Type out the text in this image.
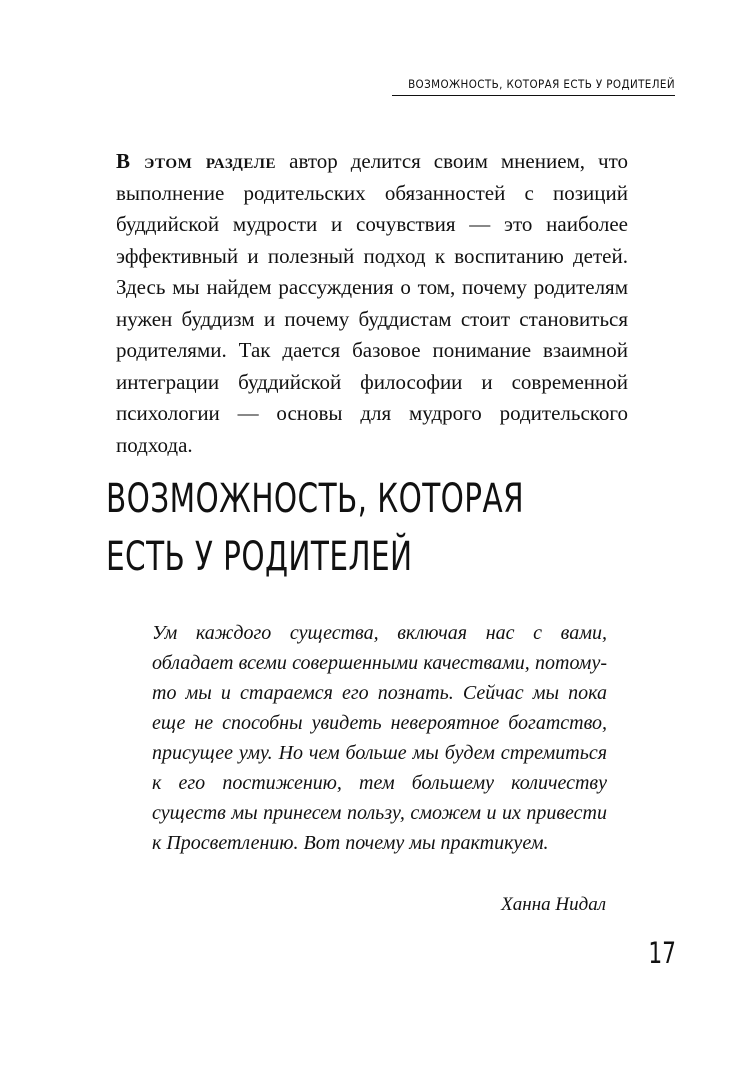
ВОЗМОЖНОСТЬ, КОТОРАЯ ЕСТЬ У РОДИТЕЛЕЙ

В этом разделе автор делится своим мнением, что выполнение родительских обязанностей с позиций буддийской мудрости и сочувствия — это наиболее эффективный и полезный подход к воспитанию детей. Здесь мы найдем рассуждения о том, почему родителям нужен буддизм и почему буддистам стоит становиться родителями. Так дается базовое понимание взаимной интеграции буддийской философии и современной психологии — основы для мудрого родительского подхода.

ВОЗМОЖНОСТЬ, КОТОРАЯ
ЕСТЬ У РОДИТЕЛЕЙ

Ум каждого существа, включая нас с вами, обладает всеми совершенными качествами, потому-то мы и стараемся его познать. Сейчас мы пока еще не способны увидеть невероятное богатство, присущее уму. Но чем больше мы будем стремиться к его постижению, тем большему количеству существ мы принесем пользу, сможем и их привести к Просветлению. Вот почему мы практикуем.

Ханна Нидал
17
